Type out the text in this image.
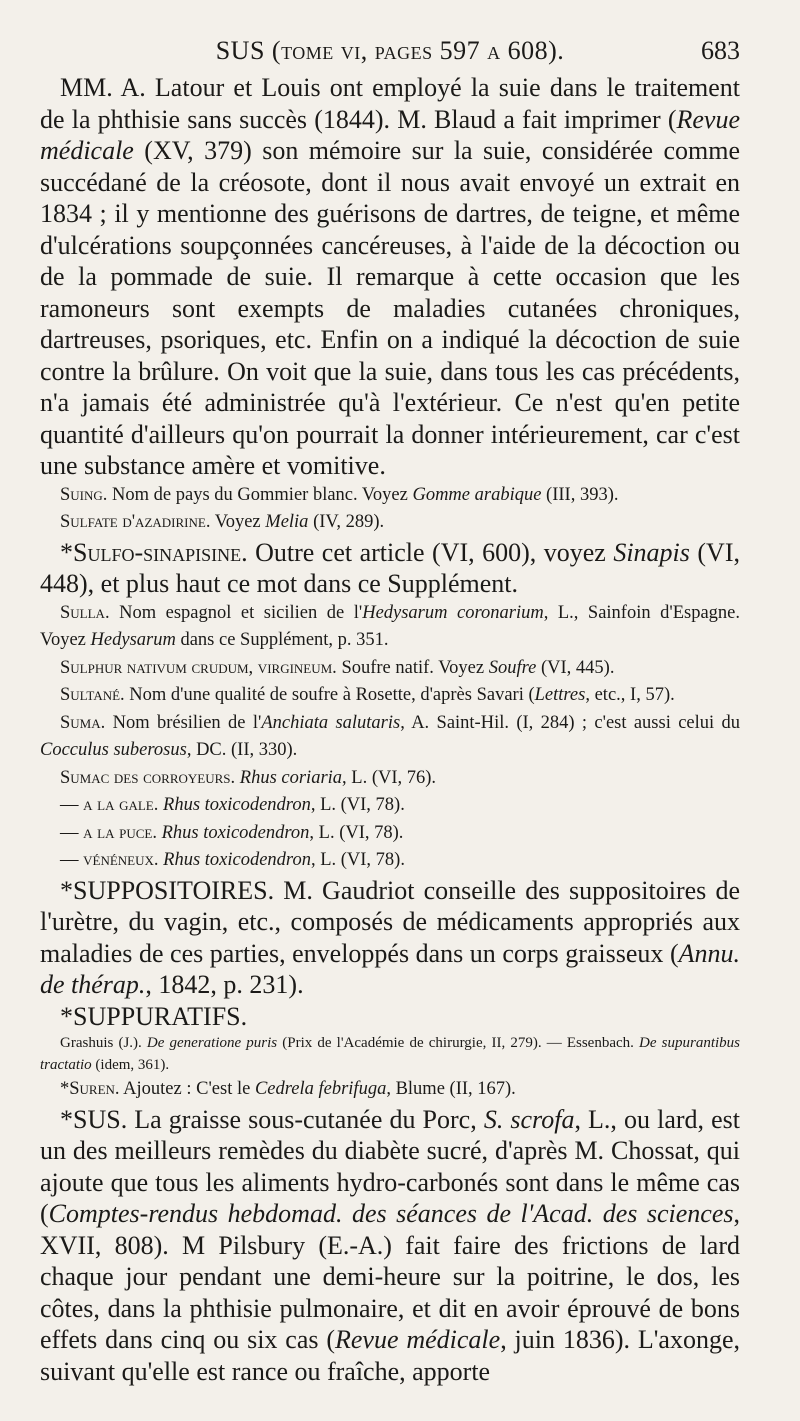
SUS (tome vi, pages 597 a 608).	683

MM. A. Latour et Louis ont employé la suie dans le traitement de la phthisie sans succès (1844). M. Blaud a fait imprimer (Revue médicale (XV, 379) son mémoire sur la suie, considérée comme succédané de la créosote, dont il nous avait envoyé un extrait en 1834 ; il y mentionne des guérisons de dartres, de teigne, et même d'ulcérations soupçonnées cancéreuses, à l'aide de la décoction ou de la pommade de suie. Il remarque à cette occasion que les ramoneurs sont exempts de maladies cutanées chroniques, dartreuses, psoriques, etc. Enfin on a indiqué la décoction de suie contre la brûlure. On voit que la suie, dans tous les cas précédents, n'a jamais été administrée qu'à l'extérieur. Ce n'est qu'en petite quantité d'ailleurs qu'on pourrait la donner intérieurement, car c'est une substance amère et vomitive.

Suing. Nom de pays du Gommier blanc. Voyez Gomme arabique (III, 393).

Sulfate d'azadirine. Voyez Melia (IV, 289).

*Sulfo-sinapisine. Outre cet article (VI, 600), voyez Sinapis (VI, 448), et plus haut ce mot dans ce Supplément.

Sulla. Nom espagnol et sicilien de l'Hedysarum coronarium, L., Sainfoin d'Espagne. Voyez Hedysarum dans ce Supplément, p. 351.

Sulphur nativum crudum, virgineum. Soufre natif. Voyez Soufre (VI, 445).

Sultané. Nom d'une qualité de soufre à Rosette, d'après Savari (Lettres, etc., I, 57).

Suma. Nom brésilien de l'Anchiata salutaris, A. Saint-Hil. (I, 284) ; c'est aussi celui du Cocculus suberosus, DC. (II, 330).

Sumac des corroyeurs. Rhus coriaria, L. (VI, 76).

— a la gale. Rhus toxicodendron, L. (VI, 78).

— a la puce. Rhus toxicodendron, L. (VI, 78).

— vénéneux. Rhus toxicodendron, L. (VI, 78).

*SUPPOSITOIRES. M. Gaudriot conseille des suppositoires de l'urètre, du vagin, etc., composés de médicaments appropriés aux maladies de ces parties, enveloppés dans un corps graisseux (Annu. de thérap., 1842, p. 231).

*SUPPURATIFS.

Grashuis (J.). De generatione puris (Prix de l'Académie de chirurgie, II, 279). — Essenbach. De supurantibus tractatio (idem, 361).

*Suren. Ajoutez : C'est le Cedrela febrifuga, Blume (II, 167).

*SUS. La graisse sous-cutanée du Porc, S. scrofa, L., ou lard, est un des meilleurs remèdes du diabète sucré, d'après M. Chossat, qui ajoute que tous les aliments hydro-carbonés sont dans le même cas (Comptes-rendus hebdomad. des séances de l'Acad. des sciences, XVII, 808). M Pilsbury (E.-A.) fait faire des frictions de lard chaque jour pendant une demi-heure sur la poitrine, le dos, les côtes, dans la phthisie pulmonaire, et dit en avoir éprouvé de bons effets dans cinq ou six cas (Revue médicale, juin 1836). L'axonge, suivant qu'elle est rance ou fraîche, apporte
